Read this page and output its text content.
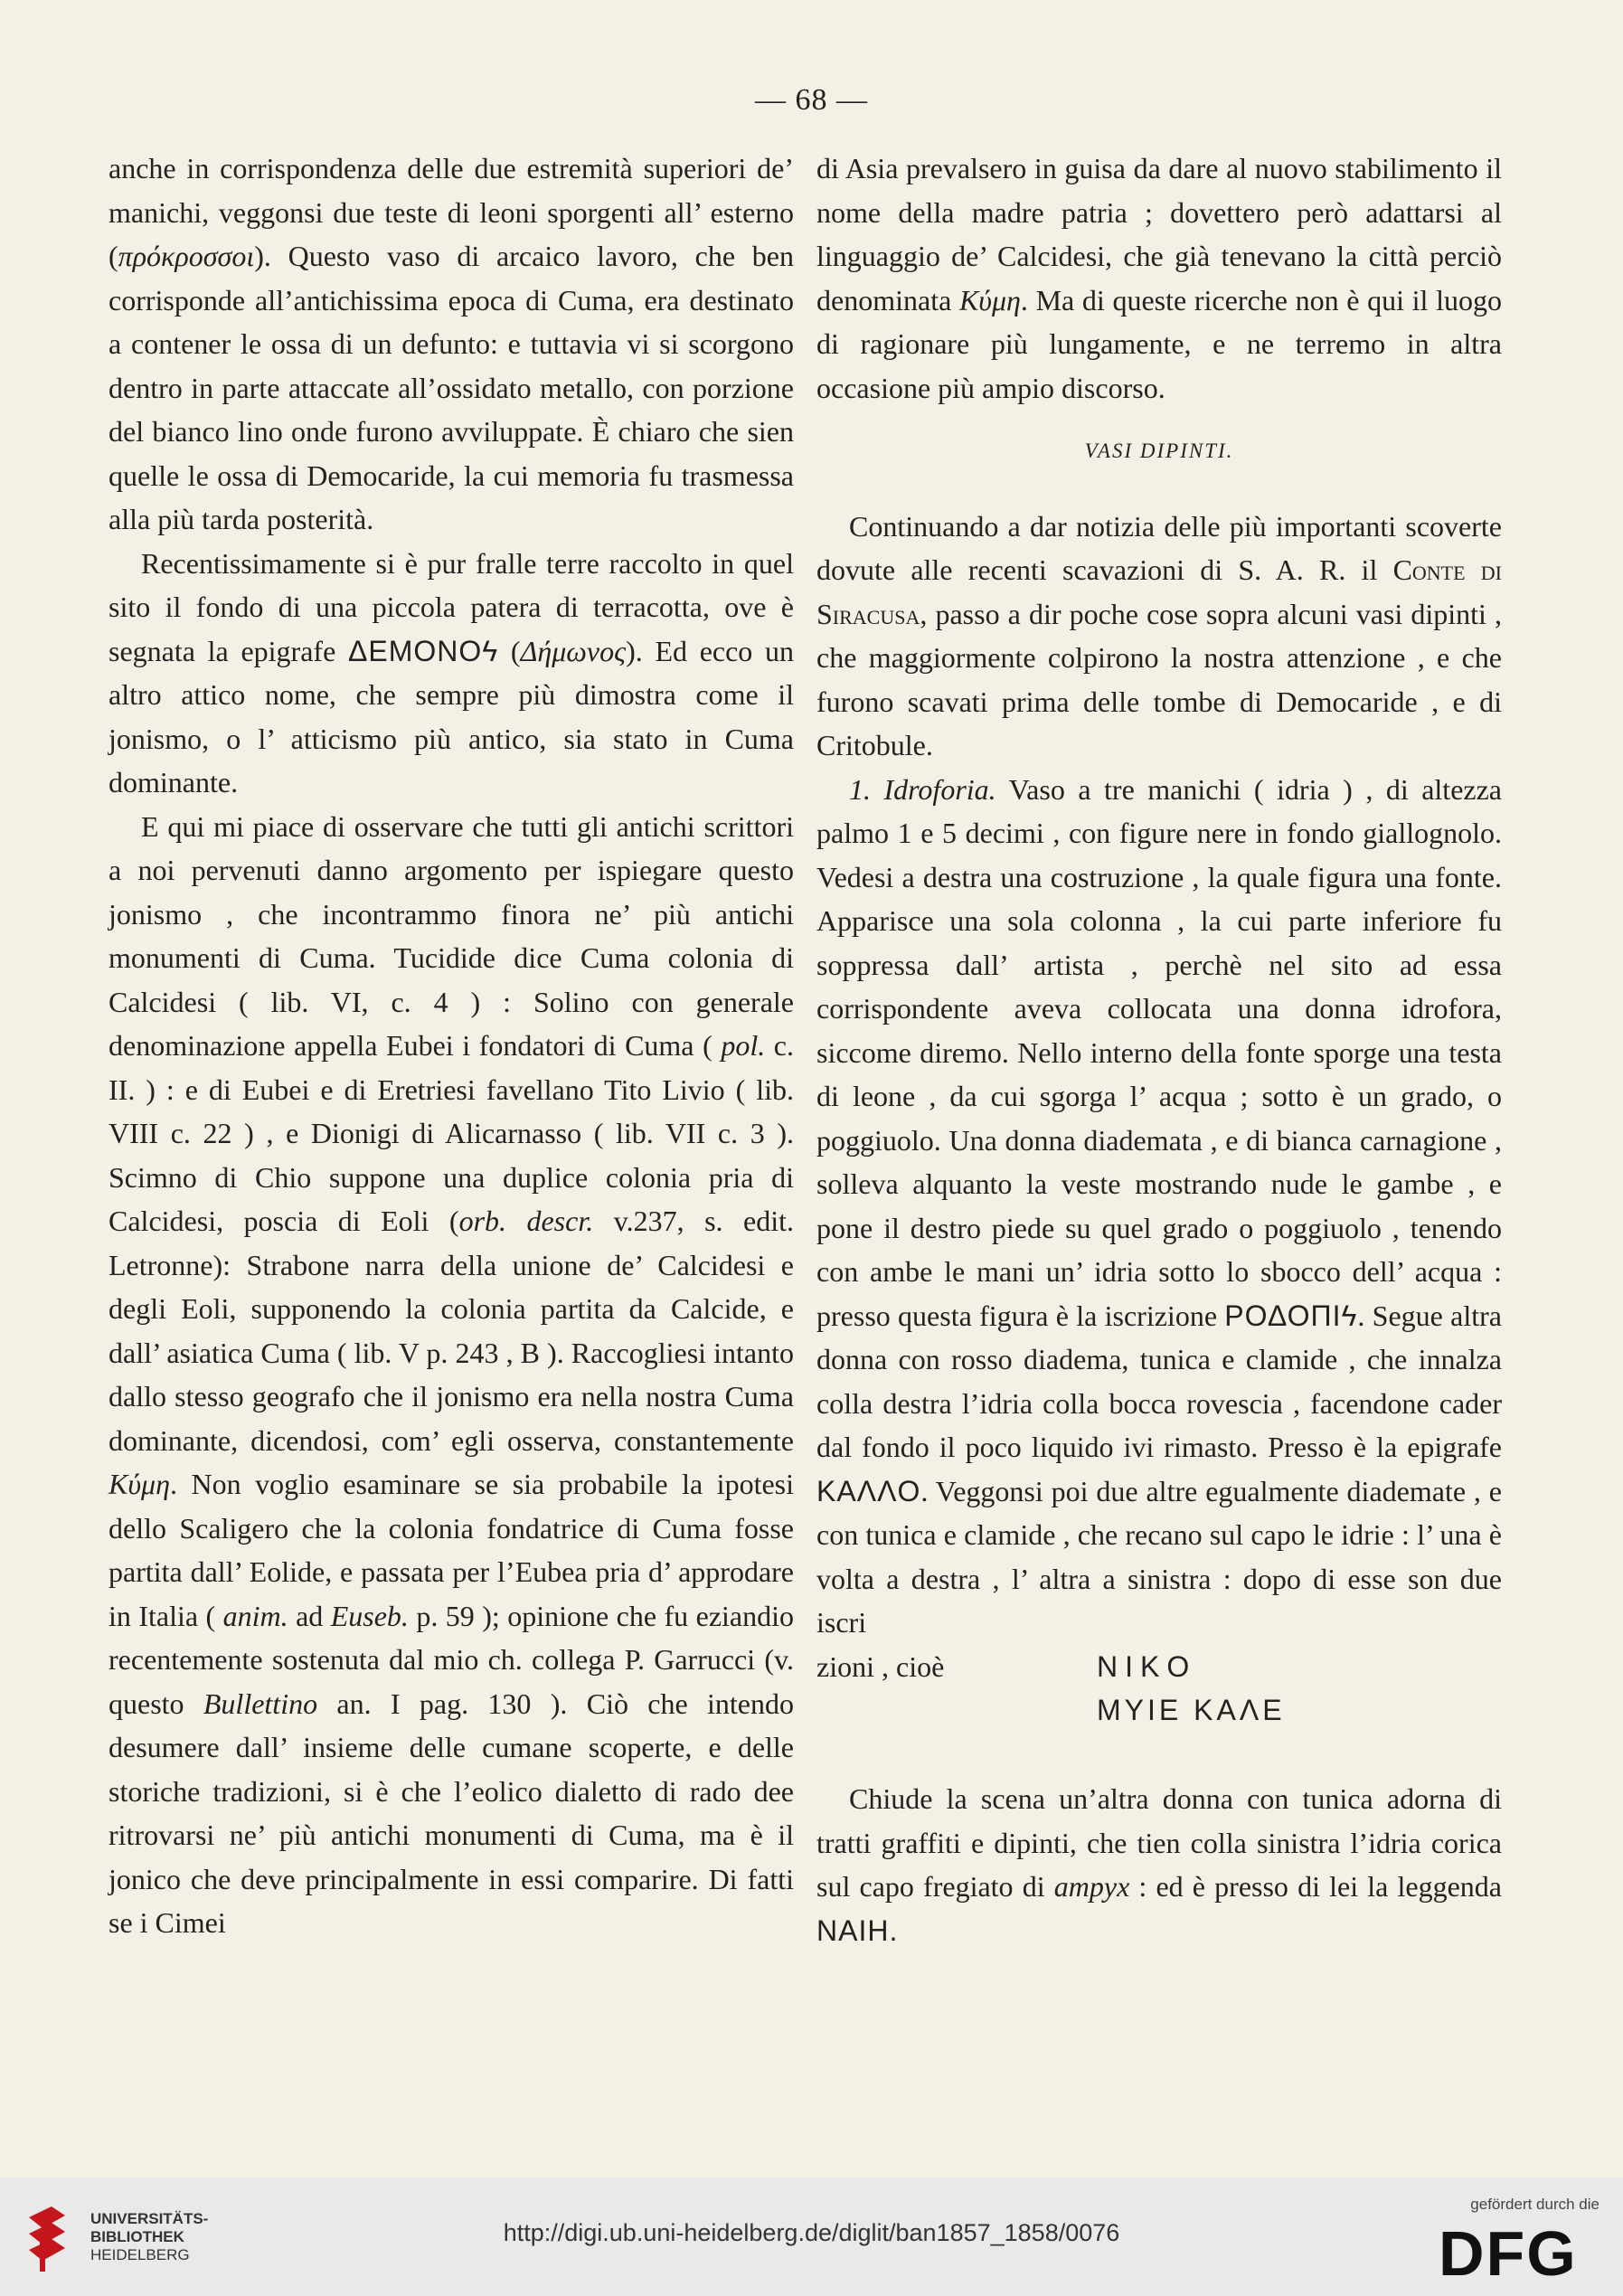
— 68 —

anche in corrispondenza delle due estremità superiori de’ manichi, veggonsi due teste di leoni sporgenti all’ esterno (πρόκροσσοι). Questo vaso di arcaico lavoro, che ben corrisponde all’antichissima epoca di Cuma, era destinato a contener le ossa di un defunto: e tuttavia vi si scorgono dentro in parte attaccate all’ossidato metallo, con porzione del bianco lino onde furono avviluppate. È chiaro che sien quelle le ossa di Democaride, la cui memoria fu trasmessa alla più tarda posterità.

Recentissimamente si è pur fralle terre raccolto in quel sito il fondo di una piccola patera di terracotta, ove è segnata la epigrafe ΔEMONOϟ (Δήμωνος). Ed ecco un altro attico nome, che sempre più dimostra come il jonismo, o l’ atticismo più antico, sia stato in Cuma dominante.

E qui mi piace di osservare che tutti gli antichi scrittori a noi pervenuti danno argomento per ispiegare questo jonismo , che incontrammo finora ne’ più antichi monumenti di Cuma. Tucidide dice Cuma colonia di Calcidesi ( lib. VI, c. 4 ) : Solino con generale denominazione appella Eubei i fondatori di Cuma ( pol. c. II. ) : e di Eubei e di Eretriesi favellano Tito Livio ( lib. VIII c. 22 ) , e Dionigi di Alicarnasso ( lib. VII c. 3 ). Scimno di Chio suppone una duplice colonia pria di Calcidesi, poscia di Eoli (orb. descr. v.237, s. edit. Letronne): Strabone narra della unione de’ Calcidesi e degli Eoli, supponendo la colonia partita da Calcide, e dall’ asiatica Cuma ( lib. V p. 243 , B ). Raccogliesi intanto dallo stesso geografo che il jonismo era nella nostra Cuma dominante, dicendosi, com’ egli osserva, constantemente Κύμη. Non voglio esaminare se sia probabile la ipotesi dello Scaligero che la colonia fondatrice di Cuma fosse partita dall’ Eolide, e passata per l’Eubea pria d’ approdare in Italia ( anim. ad Euseb. p. 59 ); opinione che fu eziandio recentemente sostenuta dal mio ch. collega P. Garrucci (v. questo Bullettino an. I pag. 130 ). Ciò che intendo desumere dall’ insieme delle cumane scoperte, e delle storiche tradizioni, si è che l’eolico dialetto di rado dee ritrovarsi ne’ più antichi monumenti di Cuma, ma è il jonico che deve principalmente in essi comparire. Di fatti se i Cimei

di Asia prevalsero in guisa da dare al nuovo stabilimento il nome della madre patria ; dovettero però adattarsi al linguaggio de’ Calcidesi, che già tenevano la città perciò denominata Κύμη. Ma di queste ricerche non è qui il luogo di ragionare più lungamente, e ne terremo in altra occasione più ampio discorso.

VASI DIPINTI.

Continuando a dar notizia delle più importanti scoverte dovute alle recenti scavazioni di S. A. R. il Conte di Siracusa, passo a dir poche cose sopra alcuni vasi dipinti , che maggiormente colpirono la nostra attenzione , e che furono scavati prima delle tombe di Democaride , e di Critobule.

1. Idroforia. Vaso a tre manichi ( idria ) , di altezza palmo 1 e 5 decimi , con figure nere in fondo giallognolo. Vedesi a destra una costruzione , la quale figura una fonte. Apparisce una sola colonna , la cui parte inferiore fu soppressa dall’ artista , perchè nel sito ad essa corrispondente aveva collocata una donna idrofora, siccome diremo. Nello interno della fonte sporge una testa di leone , da cui sgorga l’ acqua ; sotto è un grado, o poggiuolo. Una donna diademata , e di bianca carnagione , solleva alquanto la veste mostrando nude le gambe , e pone il destro piede su quel grado o poggiuolo , tenendo con ambe le mani un’ idria sotto lo sbocco dell’ acqua : presso questa figura è la iscrizione ΡΟΔΟΠΙϟ. Segue altra donna con rosso diadema, tunica e clamide , che innalza colla destra l’idria colla bocca rovescia , facendone cader dal fondo il poco liquido ivi rimasto. Presso è la epigrafe KAɅɅO. Veggonsi poi due altre egualmente diademate , e con tunica e clamide , che recano sul capo le idrie : l’ una è volta a destra , l’ altra a sinistra : dopo di esse son due iscri

zioni , cioè	NIKO
MYIE KAɅE

Chiude la scena un’altra donna con tunica adorna di tratti graffiti e dipinti, che tien colla sinistra l’idria corica sul capo fregiato di ampyx : ed è presso di lei la leggenda NAIH.

UNIVERSITÄTS-
BIBLIOTHEK
HEIDELBERG
http://digi.ub.uni-heidelberg.de/diglit/ban1857_1858/0076
gefördert durch die
DFG
